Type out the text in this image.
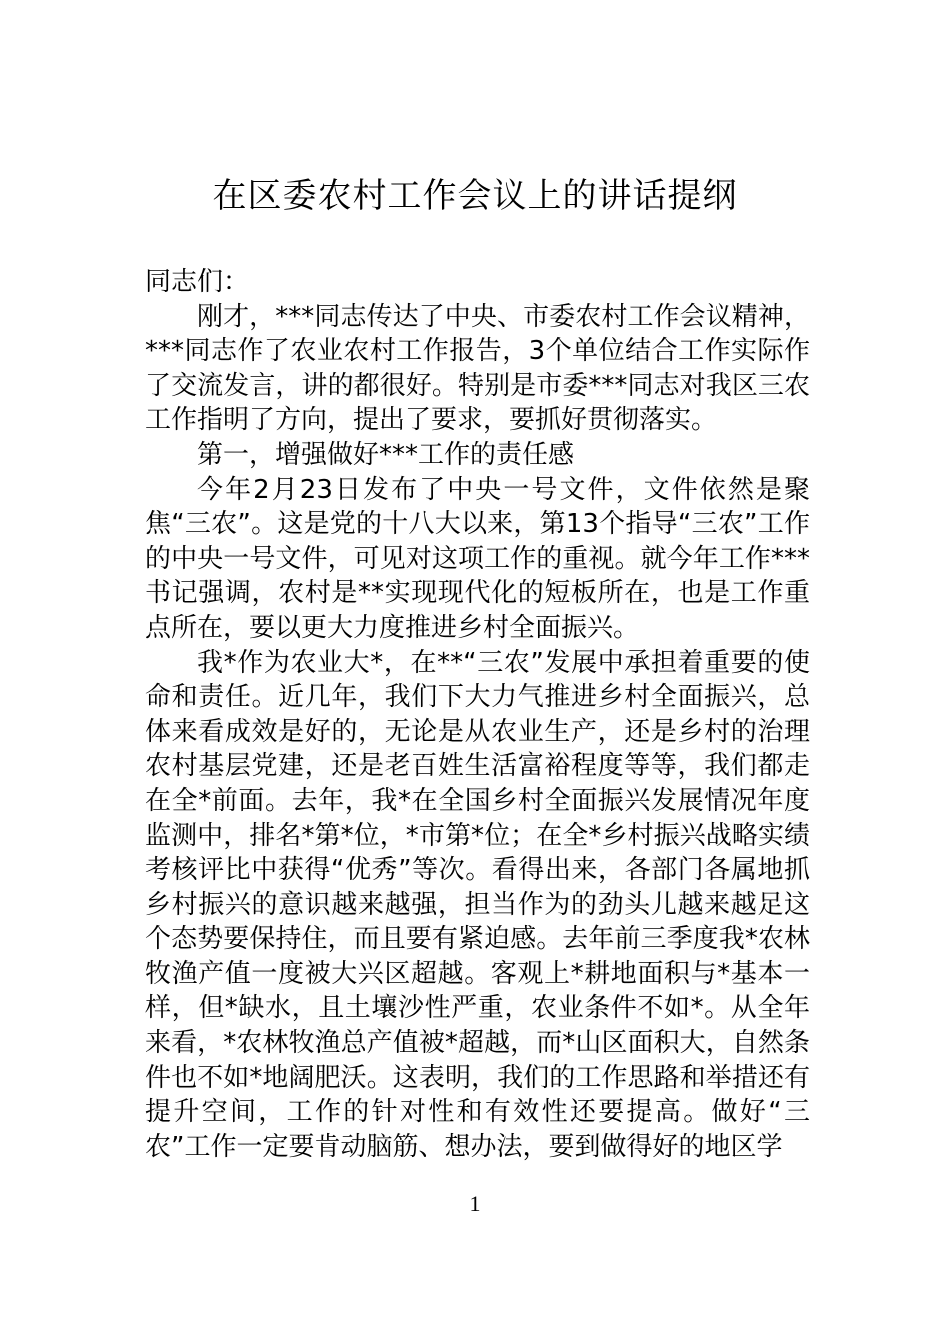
在区委农村工作会议上的讲话提纲

同志们：

刚才，***同志传达了中央、市委农村工作会议精神，***同志作了农业农村工作报告，3个单位结合工作实际作了交流发言，讲的都很好。特别是市委***同志对我区三农工作指明了方向，提出了要求，要抓好贯彻落实。

第一，增强做好***工作的责任感

今年2月23日发布了中央一号文件，文件依然是聚焦“三农”。这是党的十八大以来，第13个指导“三农”工作的中央一号文件，可见对这项工作的重视。就今年工作***书记强调，农村是**实现现代化的短板所在，也是工作重点所在，要以更大力度推进乡村全面振兴。

我*作为农业大*，在**“三农”发展中承担着重要的使命和责任。近几年，我们下大力气推进乡村全面振兴，总体来看成效是好的，无论是从农业生产，还是乡村的治理农村基层党建，还是老百姓生活富裕程度等等，我们都走在全*前面。去年，我*在全国乡村全面振兴发展情况年度监测中，排名*第*位，*市第*位；在全*乡村振兴战略实绩考核评比中获得“优秀”等次。看得出来，各部门各属地抓乡村振兴的意识越来越强，担当作为的劲头儿越来越足这个态势要保持住，而且要有紧迫感。去年前三季度我*农林牧渔产值一度被大兴区超越。客观上*耕地面积与*基本一样，但*缺水，且土壤沙性严重，农业条件不如*。从全年来看，*农林牧渔总产值被*超越，而*山区面积大，自然条件也不如*地阔肥沃。这表明，我们的工作思路和举措还有提升空间，工作的针对性和有效性还要提高。做好“三农”工作一定要肯动脑筋、想办法，要到做得好的地区学

1
